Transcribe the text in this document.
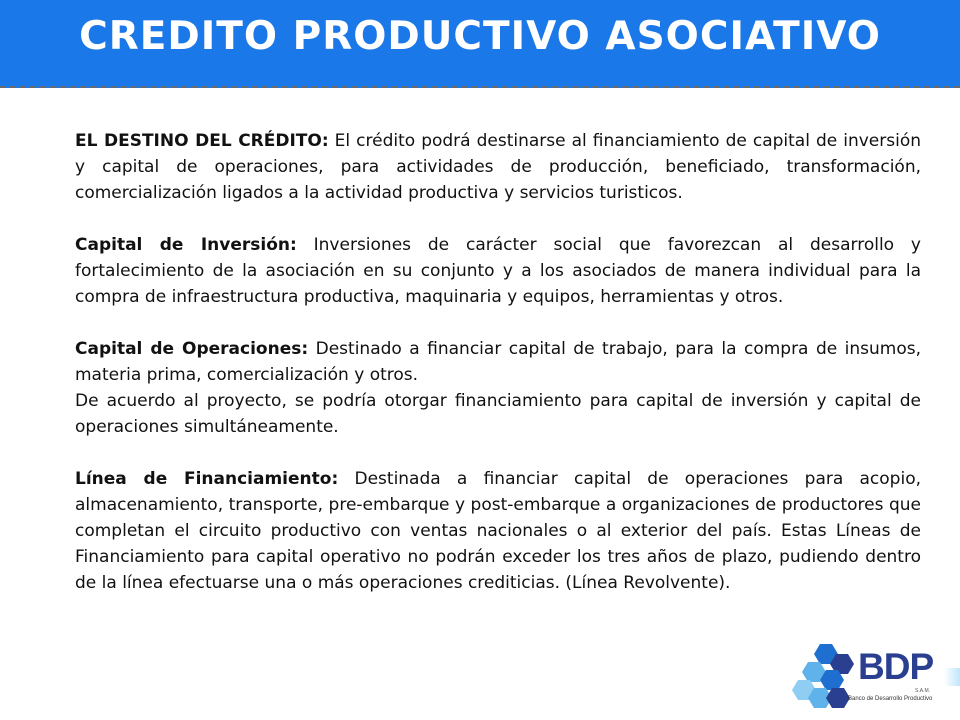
CREDITO PRODUCTIVO ASOCIATIVO

EL DESTINO DEL CRÉDITO: El crédito podrá destinarse al financiamiento de capital de inversión y capital de operaciones, para actividades de producción, beneficiado, transformación, comercialización ligados a la actividad productiva y servicios turisticos.

Capital de Inversión: Inversiones de carácter social que favorezcan al desarrollo y fortalecimiento de la asociación en su conjunto y a los asociados de manera individual para la compra de infraestructura productiva, maquinaria y equipos, herramientas y otros.

Capital de Operaciones: Destinado a financiar capital de trabajo, para la compra de insumos, materia prima, comercialización y otros.

De acuerdo al proyecto, se podría otorgar financiamiento para capital de inversión y capital de operaciones simultáneamente.

Línea de Financiamiento: Destinada a financiar capital de operaciones para acopio, almacenamiento, transporte, pre-embarque y post-embarque a organizaciones de productores que completan el circuito productivo con ventas nacionales o al exterior del país. Estas Líneas de Financiamiento para capital operativo no podrán exceder los tres años de plazo, pudiendo dentro de la línea efectuarse una o más operaciones crediticias. (Línea Revolvente).

BDP
S.A.M.
Banco de Desarrollo Productivo
